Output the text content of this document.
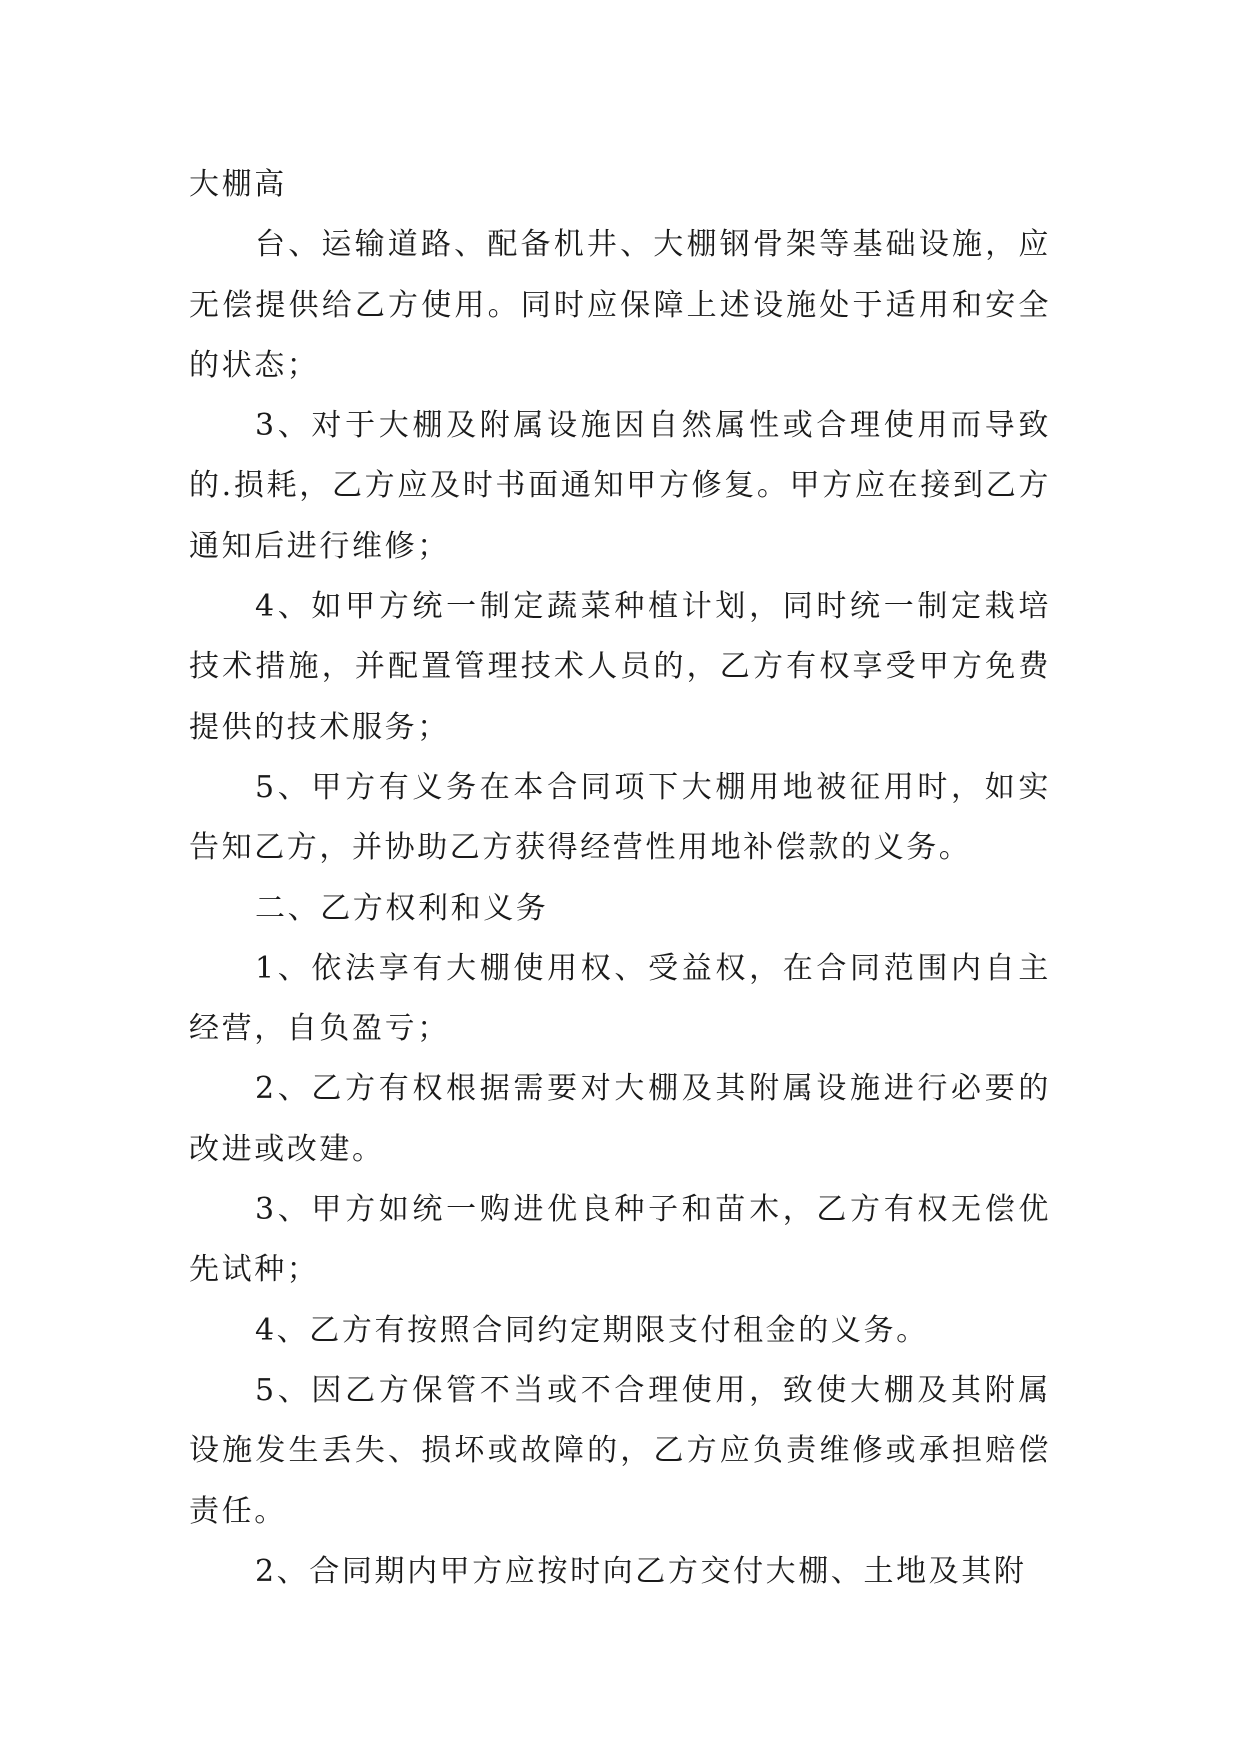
大棚高

台、运输道路、配备机井、大棚钢骨架等基础设施，应无偿提供给乙方使用。同时应保障上述设施处于适用和安全的状态；

3、对于大棚及附属设施因自然属性或合理使用而导致的.损耗，乙方应及时书面通知甲方修复。甲方应在接到乙方通知后进行维修；

4、如甲方统一制定蔬菜种植计划，同时统一制定栽培技术措施，并配置管理技术人员的，乙方有权享受甲方免费提供的技术服务；

5、甲方有义务在本合同项下大棚用地被征用时，如实告知乙方，并协助乙方获得经营性用地补偿款的义务。

二、乙方权利和义务

1、依法享有大棚使用权、受益权，在合同范围内自主经营，自负盈亏；

2、乙方有权根据需要对大棚及其附属设施进行必要的改进或改建。

3、甲方如统一购进优良种子和苗木，乙方有权无偿优先试种；

4、乙方有按照合同约定期限支付租金的义务。

5、因乙方保管不当或不合理使用，致使大棚及其附属设施发生丢失、损坏或故障的，乙方应负责维修或承担赔偿责任。

2、合同期内甲方应按时向乙方交付大棚、土地及其附
